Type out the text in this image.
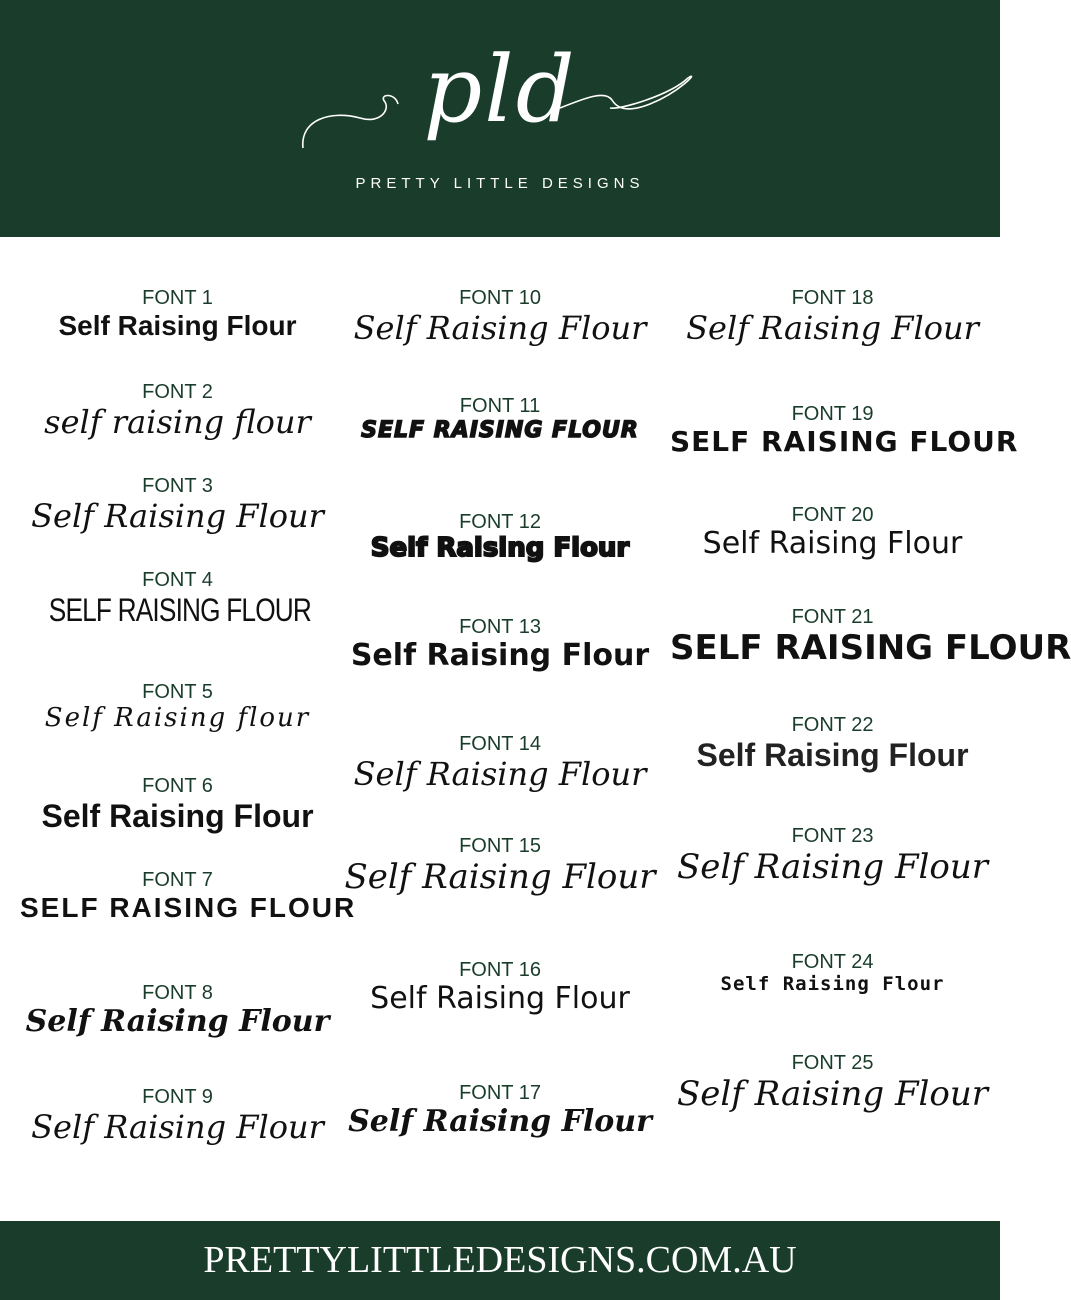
pld
PRETTY LITTLE DESIGNS
FONT 1
Self Raising Flour
FONT 2
self raising flour
FONT 3
Self Raising Flour
FONT 4
SELF RAISING FLOUR
FONT 5
Self Raising flour
FONT 6
Self Raising Flour
FONT 7
SELF RAISING FLOUR
FONT 8
Self Raising Flour
FONT 9
Self Raising Flour
FONT 10
Self Raising Flour
FONT 11
SELF RAISING FLOUR
FONT 12
Self Raising Flour
FONT 13
Self Raising Flour
FONT 14
Self Raising Flour
FONT 15
Self Raising Flour
FONT 16
Self Raising Flour
FONT 17
Self Raising Flour
FONT 18
Self Raising Flour
FONT 19
SELF RAISING FLOUR
FONT 20
Self Raising Flour
FONT 21
SELF RAISING FLOUR
FONT 22
Self Raising Flour
FONT 23
Self Raising Flour
FONT 24
Self Raising Flour
FONT 25
Self Raising Flour
PRETTYLITTLEDESIGNS.COM.AU
